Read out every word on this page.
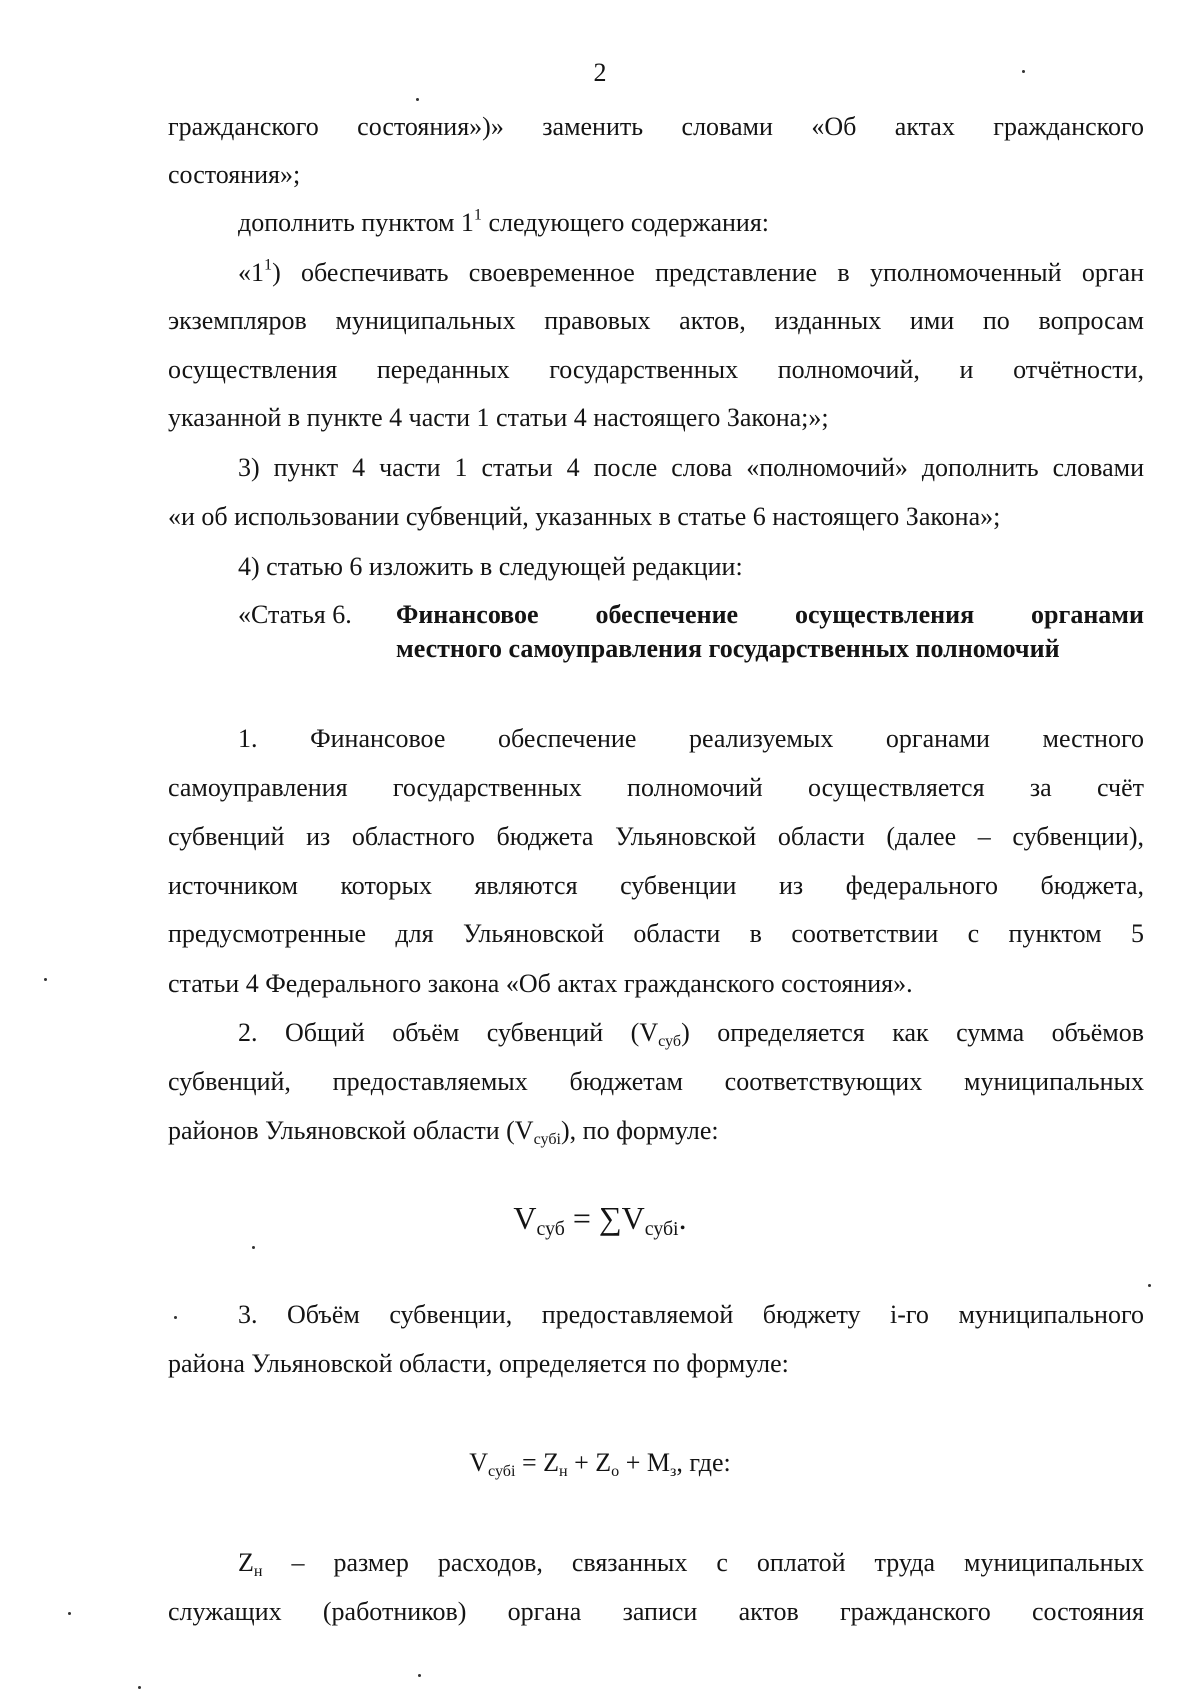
2
гражданского состояния»)» заменить словами «Об актах гражданского
состояния»;
дополнить пунктом $1^1$ следующего содержания:
«$1^1$) обеспечивать своевременное представление в уполномоченный орган
экземпляров муниципальных правовых актов, изданных ими по вопросам
осуществления переданных государственных полномочий, и отчётности,
указанной в пункте 4 части 1 статьи 4 настоящего Закона;»;
3) пункт 4 части 1 статьи 4 после слова «полномочий» дополнить словами
«и об использовании субвенций, указанных в статье 6 настоящего Закона»;
4) статью 6 изложить в следующей редакции:
«Статья 6.	Финансовое обеспечение осуществления органами
местного самоуправления государственных полномочий
1. Финансовое обеспечение реализуемых органами местного
самоуправления государственных полномочий осуществляется за счёт
субвенций из областного бюджета Ульяновской области (далее – субвенции),
источником которых являются субвенции из федерального бюджета,
предусмотренные для Ульяновской области в соответствии с пунктом 5
статьи 4 Федерального закона «Об актах гражданского состояния».
2. Общий объём субвенций $(V_{суб})$ определяется как сумма объёмов
субвенций, предоставляемых бюджетам соответствующих муниципальных
районов Ульяновской области $(V_{субi})$, по формуле:
$V_{суб} = \sum V_{субi}$.
3. Объём субвенции, предоставляемой бюджету i-го муниципального
района Ульяновской области, определяется по формуле:
$V_{субi} = Z_н + Z_о + M_з$, где:
$Z_н$ – размер расходов, связанных с оплатой труда муниципальных
служащих (работников) органа записи актов гражданского состояния
